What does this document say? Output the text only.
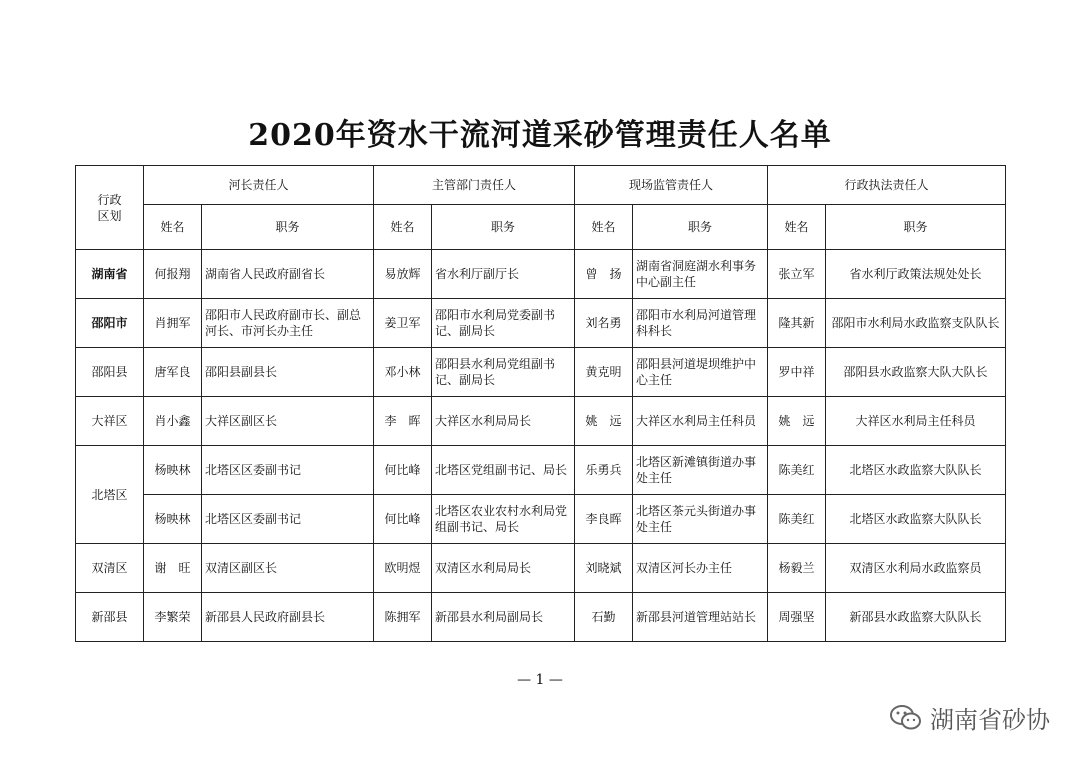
2020年资水干流河道采砂管理责任人名单
行政
区划	河长责任人		主管部门责任人		现场监管责任人		行政执法责任人	
	姓名	职务	姓名	职务	姓名	职务	姓名	职务
湖南省	何报翔	湖南省人民政府副省长	易放辉	省水利厅副厅长	曾　扬	湖南省洞庭湖水利事务中心副主任	张立军	省水利厅政策法规处处长
邵阳市	肖拥军	邵阳市人民政府副市长、副总河长、市河长办主任	姜卫军	邵阳市水利局党委副书记、副局长	刘名勇	邵阳市水利局河道管理科科长	隆其新	邵阳市水利局水政监察支队队长
邵阳县	唐军良	邵阳县副县长	邓小林	邵阳县水利局党组副书记、副局长	黄克明	邵阳县河道堤坝维护中心主任	罗中祥	邵阳县水政监察大队大队长
大祥区	肖小鑫	大祥区副区长	李　晖	大祥区水利局局长	姚　远	大祥区水利局主任科员	姚　远	大祥区水利局主任科员
北塔区	杨映林	北塔区区委副书记	何比峰	北塔区党组副书记、局长	乐勇兵	北塔区新滩镇街道办事处主任	陈美红	北塔区水政监察大队队长
	杨映林	北塔区区委副书记	何比峰	北塔区农业农村水利局党组副书记、局长	李良晖	北塔区茶元头街道办事处主任	陈美红	北塔区水政监察大队队长
双清区	谢　旺	双清区副区长	欧明煜	双清区水利局局长	刘晓斌	双清区河长办主任	杨毅兰	双清区水利局水政监察员
新邵县	李繁荣	新邵县人民政府副县长	陈拥军	新邵县水利局副局长	石勤	新邵县河道管理站站长	周强坚	新邵县水政监察大队队长
— 1 —
湖南省砂协
